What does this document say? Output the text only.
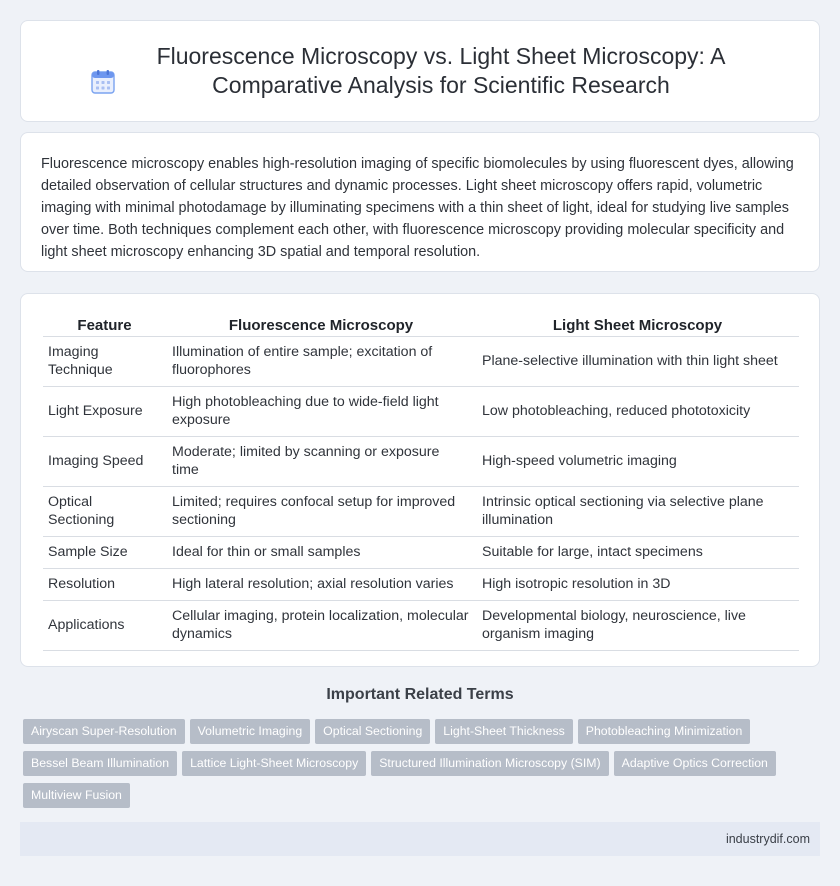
Fluorescence Microscopy vs. Light Sheet Microscopy: A Comparative Analysis for Scientific Research

Fluorescence microscopy enables high-resolution imaging of specific biomolecules by using fluorescent dyes, allowing detailed observation of cellular structures and dynamic processes. Light sheet microscopy offers rapid, volumetric imaging with minimal photodamage by illuminating specimens with a thin sheet of light, ideal for studying live samples over time. Both techniques complement each other, with fluorescence microscopy providing molecular specificity and light sheet microscopy enhancing 3D spatial and temporal resolution.

Feature	Fluorescence Microscopy	Light Sheet Microscopy
Imaging Technique	Illumination of entire sample; excitation of fluorophores	Plane-selective illumination with thin light sheet
Light Exposure	High photobleaching due to wide-field light exposure	Low photobleaching, reduced phototoxicity
Imaging Speed	Moderate; limited by scanning or exposure time	High-speed volumetric imaging
Optical Sectioning	Limited; requires confocal setup for improved sectioning	Intrinsic optical sectioning via selective plane illumination
Sample Size	Ideal for thin or small samples	Suitable for large, intact specimens
Resolution	High lateral resolution; axial resolution varies	High isotropic resolution in 3D
Applications	Cellular imaging, protein localization, molecular dynamics	Developmental biology, neuroscience, live organism imaging
Important Related Terms
Airyscan Super-Resolution Volumetric Imaging Optical Sectioning Light-Sheet Thickness Photobleaching Minimization
Bessel Beam Illumination Lattice Light-Sheet Microscopy Structured Illumination Microscopy (SIM) Adaptive Optics Correction
Multiview Fusion
industrydif.com
